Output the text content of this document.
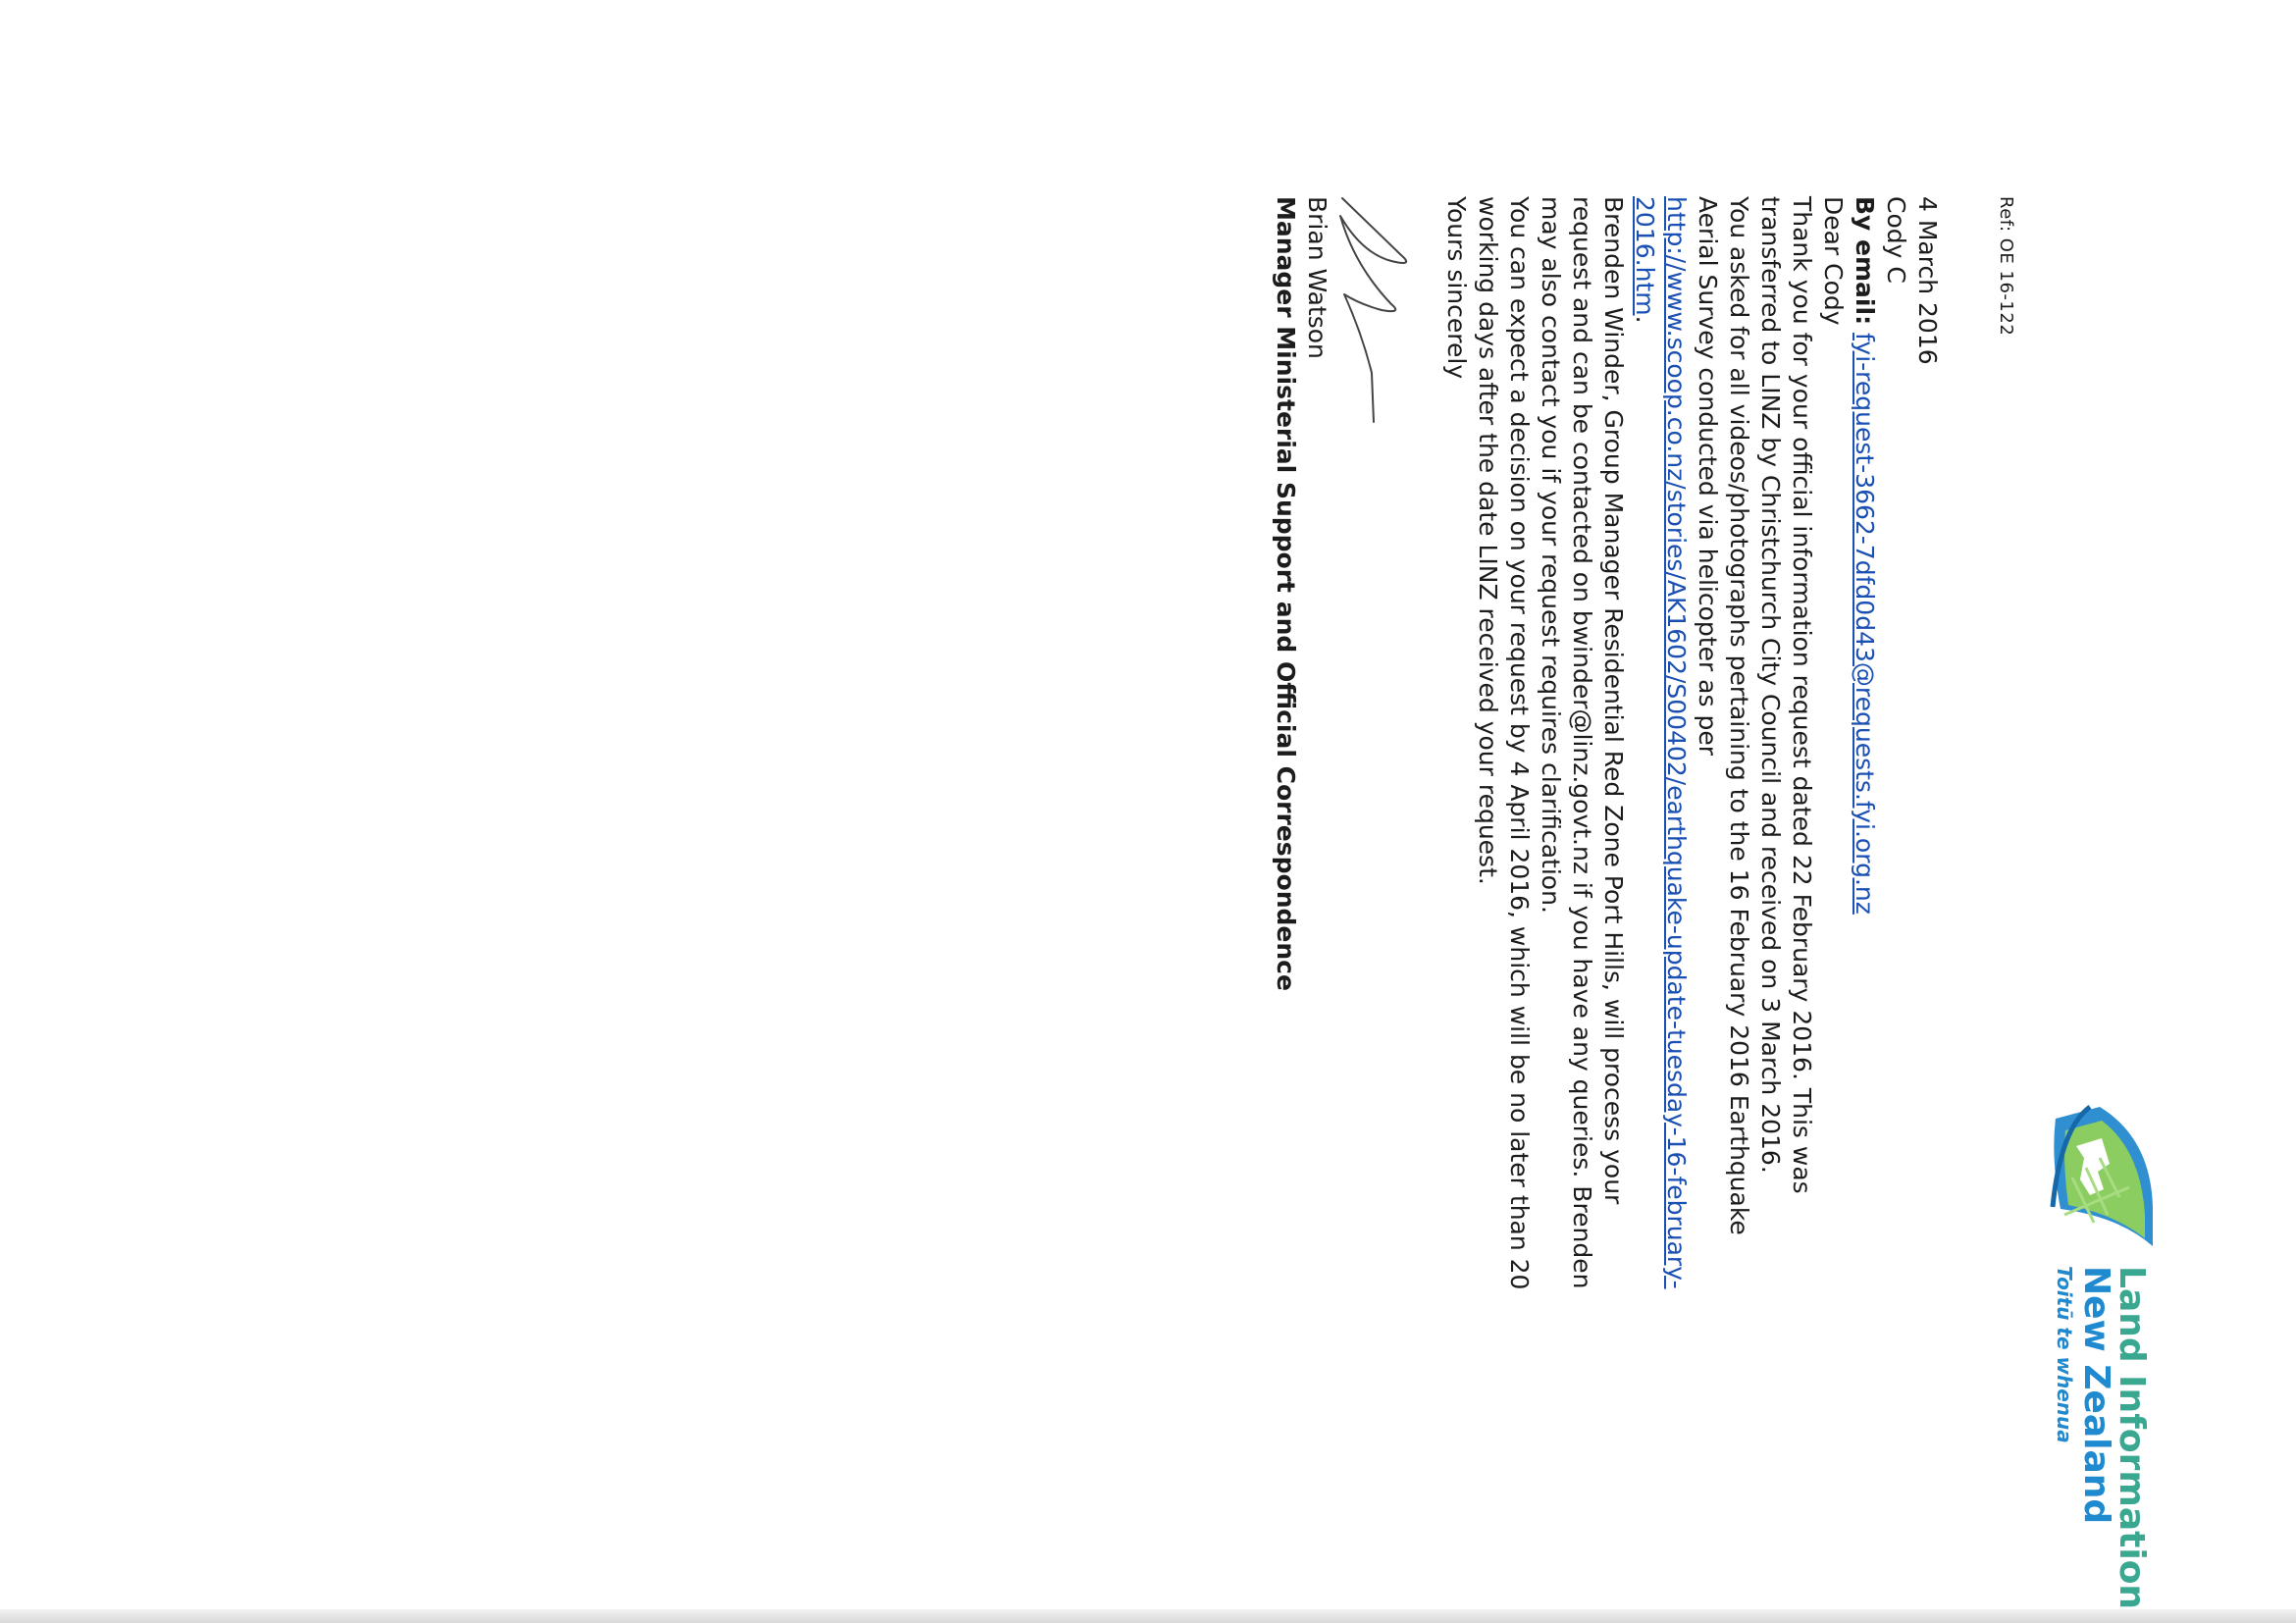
Ref: OE 16-122
Land Information
New Zealand
Toitū te whenua

4 March 2016

Cody C

By email: fyi-request-3662-7dfd0d43@requests.fyi.org.nz

Dear Cody

Thank you for your official information request dated 22 February 2016. This was transferred to LINZ by Christchurch City Council and received on 3 March 2016.

You asked for all videos/photographs pertaining to the 16 February 2016 Earthquake Aerial Survey conducted via helicopter as per http://www.scoop.co.nz/stories/AK1602/S00402/earthquake-update-tuesday-16-february-2016.htm.

Brenden Winder, Group Manager Residential Red Zone Port Hills, will process your request and can be contacted on bwinder@linz.govt.nz if you have any queries. Brenden may also contact you if your request requires clarification.

You can expect a decision on your request by 4 April 2016, which will be no later than 20 working days after the date LINZ received your request.

Yours sincerely

Brian Watson

Manager Ministerial Support and Official Correspondence
